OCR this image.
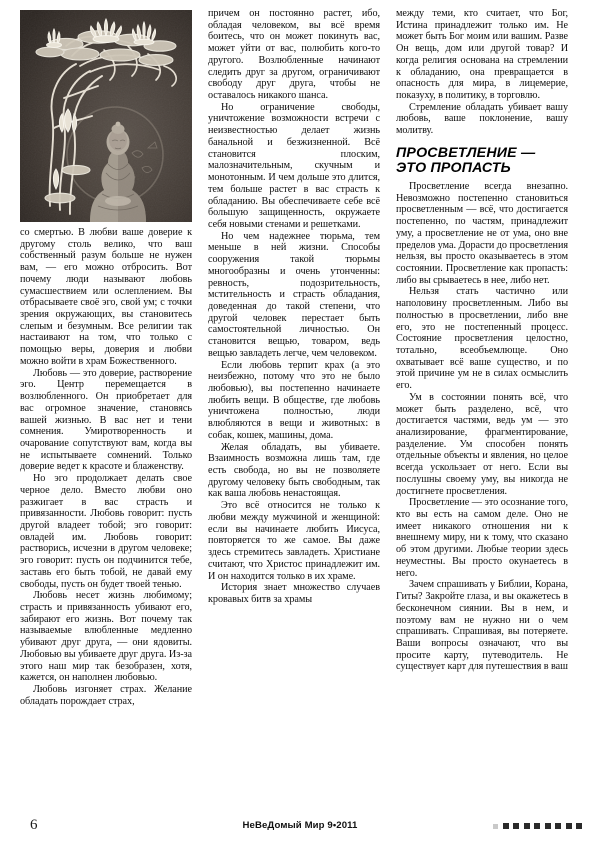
со смертью. В любви ваше доверие к другому столь велико, что ваш собственный разум больше не нужен вам, — его можно отбросить. Вот почему люди называют любовь сумасшествием или ослеплением. Вы отбрасываете своё эго, свой ум; с точки зрения окружающих, вы становитесь слепым и безумным. Все религии так настаивают на том, что только с помощью веры, доверия и любви можно войти в храм Божественного.

Любовь — это доверие, растворение эго. Центр перемещается в возлюбленного. Он приобретает для вас огромное значение, становясь вашей жизнью. В вас нет и тени сомнения. Умиротворенность и очарование сопутствуют вам, когда вы не испытываете сомнений. Только доверие ведет к красоте и блаженству.

Но эго продолжает делать свое черное дело. Вместо любви оно разжигает в вас страсть и привязанности. Любовь говорит: пусть другой владеет тобой; эго говорит: овладей им. Любовь говорит: растворись, исчезни в другом человеке; эго говорит: пусть он подчинится тебе, заставь его быть тобой, не давай ему свободы, пусть он будет твоей тенью.

Любовь несет жизнь любимому; страсть и привязанность убивают его, забирают его жизнь. Вот почему так называемые влюбленные медленно убивают друг друга, — они ядовиты. Любовью вы убиваете друг друга. Из-за этого наш мир так безобразен, хотя, кажется, он наполнен любовью.

Любовь изгоняет страх. Желание обладать порождает страх,

причем он постоянно растет, ибо, обладая человеком, вы всё время боитесь, что он может покинуть вас, может уйти от вас, полюбить кого-то другого. Возлюбленные начинают следить друг за другом, ограничивают свободу друг друга, чтобы не оставалось никакого шанса.

Но ограничение свободы, уничтожение возможности встречи с неизвестностью делает жизнь банальной и безжизненной. Всё становится плоским, малозначительным, скучным и монотонным. И чем дольше это длится, тем больше растет в вас страсть к обладанию. Вы обеспечиваете себе всё большую защищенность, окружаете себя новыми стенами и решетками.

Но чем надежнее тюрьма, тем меньше в ней жизни. Способы сооружения такой тюрьмы многообразны и очень утонченны: ревность, подозрительность, мстительность и страсть обладания, доведенная до такой степени, что другой человек перестает быть самостоятельной личностью. Он становится вещью, товаром, ведь вещью завладеть легче, чем человеком.

Если любовь терпит крах (а это неизбежно, потому что это не было любовью), вы постепенно начинаете любить вещи. В обществе, где любовь уничтожена полностью, люди влюбляются в вещи и животных: в собак, кошек, машины, дома.

Желая обладать, вы убиваете. Взаимность возможна лишь там, где есть свобода, но вы не позволяете другому человеку быть свободным, так как ваша любовь ненастоящая.

Это всё относится не только к любви между мужчиной и женщиной: если вы начинаете любить Иисуса, повторяется то же самое. Вы даже здесь стремитесь завладеть. Христиане считают, что Христос принадлежит им. И он находится только в их храме.

История знает множество случаев кровавых битв за храмы

между теми, кто считает, что Бог, Истина принадлежит только им. Не может быть Бог моим или вашим. Разве Он вещь, дом или другой товар? И когда религия основана на стремлении к обладанию, она превращается в опасность для мира, в лицемерие, показуху, в политику, в торговлю.

Стремление обладать убивает вашу любовь, ваше поклонение, вашу молитву.

ПРОСВЕТЛЕНИЕ — ЭТО ПРОПАСТЬ

Просветление всегда внезапно. Невозможно постепенно становиться просветленным — всё, что достигается постепенно, по частям, принадлежит уму, а просветление не от ума, оно вне пределов ума. Дорасти до просветления нельзя, вы просто оказываетесь в этом состоянии. Просветление как пропасть: либо вы срываетесь в нее, либо нет.

Нельзя стать частично или наполовину просветленным. Либо вы полностью в просветлении, либо вне его, это не постепенный процесс. Состояние просветления целостно, тотально, всеобъемлюще. Оно охватывает всё ваше существо, и по этой причине ум не в силах осмыслить его.

Ум в состоянии понять всё, что может быть разделено, всё, что достигается частями, ведь ум — это анализирование, фрагментирование, разделение. Ум способен понять отдельные объекты и явления, но целое всегда ускользает от него. Если вы послушны своему уму, вы никогда не достигнете просветления.

Просветление — это осознание того, кто вы есть на самом деле. Оно не имеет никакого отношения ни к внешнему миру, ни к тому, что сказано об этом другими. Любые теории здесь неуместны. Вы просто окунаетесь в него.

Зачем спрашивать у Библии, Корана, Гиты? Закройте глаза, и вы окажетесь в бесконечном сиянии. Вы в нем, и поэтому вам не нужно ни о чем спрашивать. Спрашивая, вы потеряете. Ваши вопросы означают, что вы просите карту, путеводитель. Не существует карт для путешествия в ваш

6	НеВеДомый Мир 9•2011
